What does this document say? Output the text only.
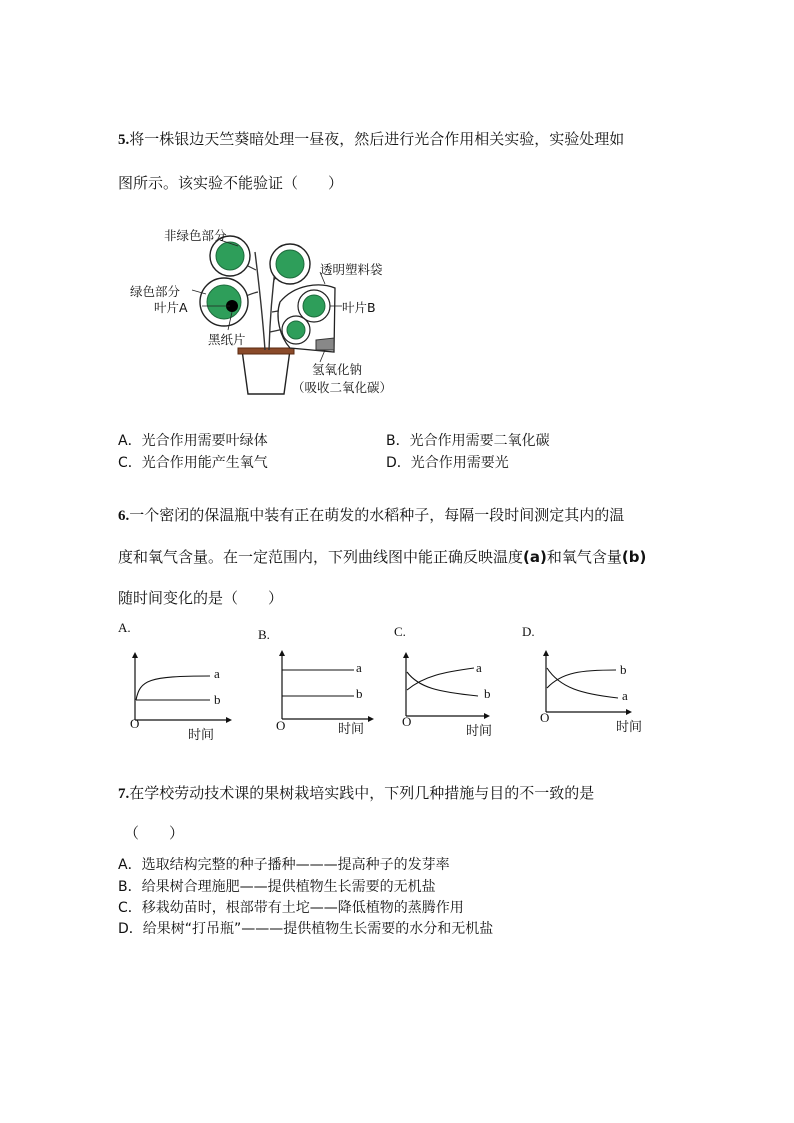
5.将一株银边天竺葵暗处理一昼夜，然后进行光合作用相关实验，实验处理如
图所示。该实验不能验证（　　）
非绿色部分
绿色部分
叶片A
黑纸片
透明塑料袋
叶片B
氢氧化钠
（吸收二氧化碳）
A．光合作用需要叶绿体	B．光合作用需要二氧化碳
C．光合作用能产生氧气	D．光合作用需要光
6.一个密闭的保温瓶中装有正在萌发的水稻种子，每隔一段时间测定其内的温
度和氧气含量。在一定范围内，下列曲线图中能正确反映温度(a)和氧气含量(b)
随时间变化的是（　　）
A.
a
b
O
时间
B.
a
b
O	时间
C.
a
b
O
时间
D.
b
a
O
时间
7.在学校劳动技术课的果树栽培实践中，下列几种措施与目的不一致的是
（　　）
A．选取结构完整的种子播种———提高种子的发芽率
B．给果树合理施肥——提供植物生长需要的无机盐
C．移栽幼苗时，根部带有土坨——降低植物的蒸腾作用
D．给果树“打吊瓶”———提供植物生长需要的水分和无机盐
